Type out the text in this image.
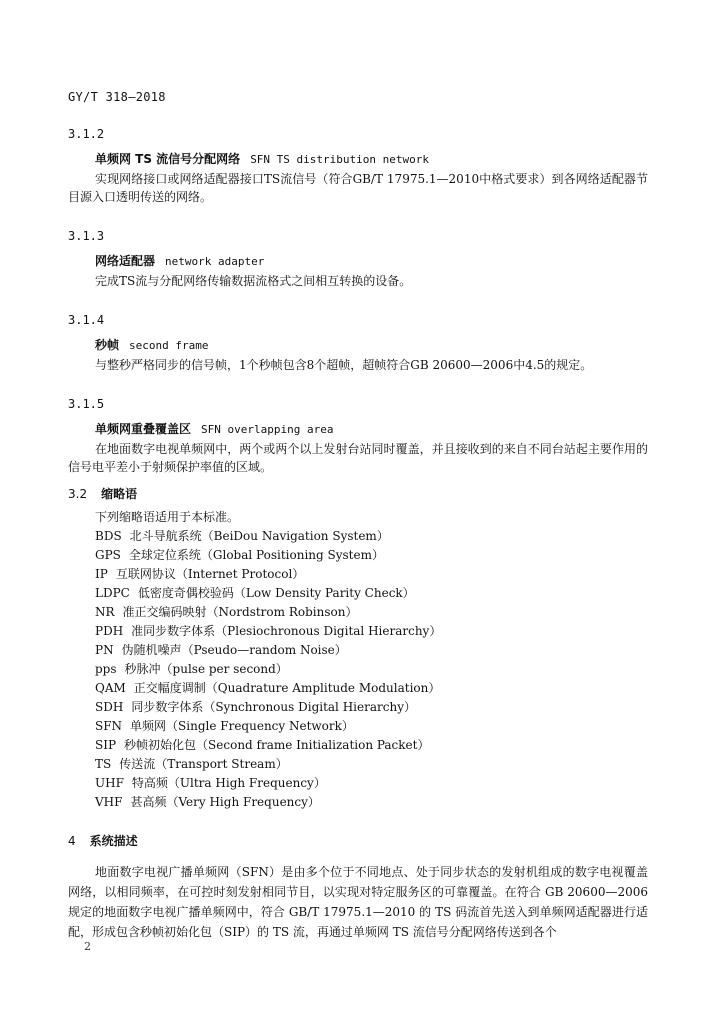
GY/T 318—2018
3.1.2
单频网 TS 流信号分配网络 SFN TS distribution network
实现网络接口或网络适配器接口TS流信号（符合GB/T 17975.1—2010中格式要求）到各网络适配器节目源入口透明传送的网络。
3.1.3
网络适配器 network adapter
完成TS流与分配网络传输数据流格式之间相互转换的设备。
3.1.4
秒帧 second frame
与整秒严格同步的信号帧，1个秒帧包含8个超帧，超帧符合GB 20600—2006中4.5的规定。
3.1.5
单频网重叠覆盖区 SFN overlapping area
在地面数字电视单频网中，两个或两个以上发射台站同时覆盖，并且接收到的来自不同台站起主要作用的信号电平差小于射频保护率值的区域。
3.2 缩略语
下列缩略语适用于本标准。
BDS 北斗导航系统（BeiDou Navigation System）
GPS 全球定位系统（Global Positioning System）
IP 互联网协议（Internet Protocol）
LDPC 低密度奇偶校验码（Low Density Parity Check）
NR 准正交编码映射（Nordstrom Robinson）
PDH 准同步数字体系（Plesiochronous Digital Hierarchy）
PN 伪随机噪声（Pseudo—random Noise）
pps 秒脉冲（pulse per second）
QAM 正交幅度调制（Quadrature Amplitude Modulation）
SDH 同步数字体系（Synchronous Digital Hierarchy）
SFN 单频网（Single Frequency Network）
SIP 秒帧初始化包（Second frame Initialization Packet）
TS 传送流（Transport Stream）
UHF 特高频（Ultra High Frequency）
VHF 甚高频（Very High Frequency）
4 系统描述
地面数字电视广播单频网（SFN）是由多个位于不同地点、处于同步状态的发射机组成的数字电视覆盖网络，以相同频率，在可控时刻发射相同节目，以实现对特定服务区的可靠覆盖。在符合 GB 20600—2006 规定的地面数字电视广播单频网中，符合 GB/T 17975.1—2010 的 TS 码流首先送入到单频网适配器进行适配，形成包含秒帧初始化包（SIP）的 TS 流，再通过单频网 TS 流信号分配网络传送到各个
2
